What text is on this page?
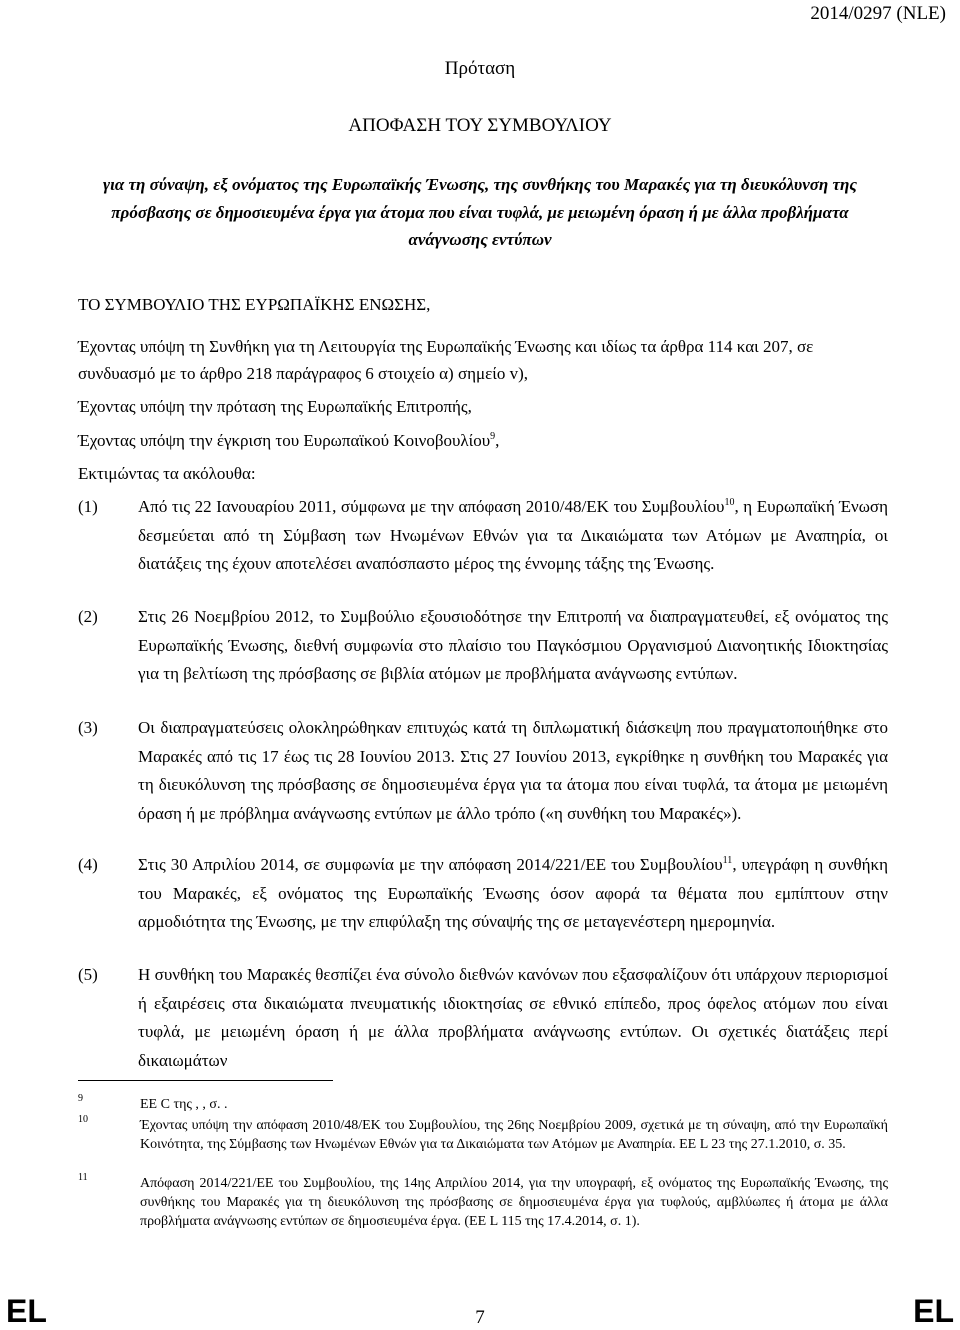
2014/0297 (NLE)
Πρόταση
ΑΠΟΦΑΣΗ ΤΟΥ ΣΥΜΒΟΥΛΙΟΥ
για τη σύναψη, εξ ονόματος της Ευρωπαϊκής Ένωσης, της συνθήκης του Μαρακές για τη διευκόλυνση της πρόσβασης σε δημοσιευμένα έργα για άτομα που είναι τυφλά, με μειωμένη όραση ή με άλλα προβλήματα ανάγνωσης εντύπων
ΤΟ ΣΥΜΒΟΥΛΙΟ ΤΗΣ ΕΥΡΩΠΑΪΚΗΣ ΕΝΩΣΗΣ,
Έχοντας υπόψη τη Συνθήκη για τη Λειτουργία της Ευρωπαϊκής Ένωσης και ιδίως τα άρθρα 114 και 207, σε συνδυασμό με το άρθρο 218 παράγραφος 6 στοιχείο α) σημείο v),
Έχοντας υπόψη την πρόταση της Ευρωπαϊκής Επιτροπής,
Έχοντας υπόψη την έγκριση του Ευρωπαϊκού Κοινοβουλίου$^9$,
Εκτιμώντας τα ακόλουθα:
(1) Από τις 22 Ιανουαρίου 2011, σύμφωνα με την απόφαση 2010/48/ΕΚ του Συμβουλίου$^{10}$, η Ευρωπαϊκή Ένωση δεσμεύεται από τη Σύμβαση των Ηνωμένων Εθνών για τα Δικαιώματα των Ατόμων με Αναπηρία, οι διατάξεις της έχουν αποτελέσει αναπόσπαστο μέρος της έννομης τάξης της Ένωσης.
(2) Στις 26 Νοεμβρίου 2012, το Συμβούλιο εξουσιοδότησε την Επιτροπή να διαπραγματευθεί, εξ ονόματος της Ευρωπαϊκής Ένωσης, διεθνή συμφωνία στο πλαίσιο του Παγκόσμιου Οργανισμού Διανοητικής Ιδιοκτησίας για τη βελτίωση της πρόσβασης σε βιβλία ατόμων με προβλήματα ανάγνωσης εντύπων.
(3) Οι διαπραγματεύσεις ολοκληρώθηκαν επιτυχώς κατά τη διπλωματική διάσκεψη που πραγματοποιήθηκε στο Μαρακές από τις 17 έως τις 28 Ιουνίου 2013. Στις 27 Ιουνίου 2013, εγκρίθηκε η συνθήκη του Μαρακές για τη διευκόλυνση της πρόσβασης σε δημοσιευμένα έργα για τα άτομα που είναι τυφλά, τα άτομα με μειωμένη όραση ή με πρόβλημα ανάγνωσης εντύπων με άλλο τρόπο («η συνθήκη του Μαρακές»).
(4) Στις 30 Απριλίου 2014, σε συμφωνία με την απόφαση 2014/221/ΕΕ του Συμβουλίου$^{11}$, υπεγράφη η συνθήκη του Μαρακές, εξ ονόματος της Ευρωπαϊκής Ένωσης όσον αφορά τα θέματα που εμπίπτουν στην αρμοδιότητα της Ένωσης, με την επιφύλαξη της σύναψής της σε μεταγενέστερη ημερομηνία.
(5) Η συνθήκη του Μαρακές θεσπίζει ένα σύνολο διεθνών κανόνων που εξασφαλίζουν ότι υπάρχουν περιορισμοί ή εξαιρέσεις στα δικαιώματα πνευματικής ιδιοκτησίας σε εθνικό επίπεδο, προς όφελος ατόμων που είναι τυφλά, με μειωμένη όραση ή με άλλα προβλήματα ανάγνωσης εντύπων. Οι σχετικές διατάξεις περί δικαιωμάτων
9	ΕΕ C της , , σ. .
10	Έχοντας υπόψη την απόφαση 2010/48/ΕΚ του Συμβουλίου, της 26ης Νοεμβρίου 2009, σχετικά με τη σύναψη, από την Ευρωπαϊκή Κοινότητα, της Σύμβασης των Ηνωμένων Εθνών για τα Δικαιώματα των Ατόμων με Αναπηρία. ΕΕ L 23 της 27.1.2010, σ. 35.
11	Απόφαση 2014/221/ΕΕ του Συμβουλίου, της 14ης Απριλίου 2014, για την υπογραφή, εξ ονόματος της Ευρωπαϊκής Ένωσης, της συνθήκης του Μαρακές για τη διευκόλυνση της πρόσβασης σε δημοσιευμένα έργα για τυφλούς, αμβλύωπες ή άτομα με άλλα προβλήματα ανάγνωσης εντύπων σε δημοσιευμένα έργα. (ΕΕ L 115 της 17.4.2014, σ. 1).
EL	7	EL
